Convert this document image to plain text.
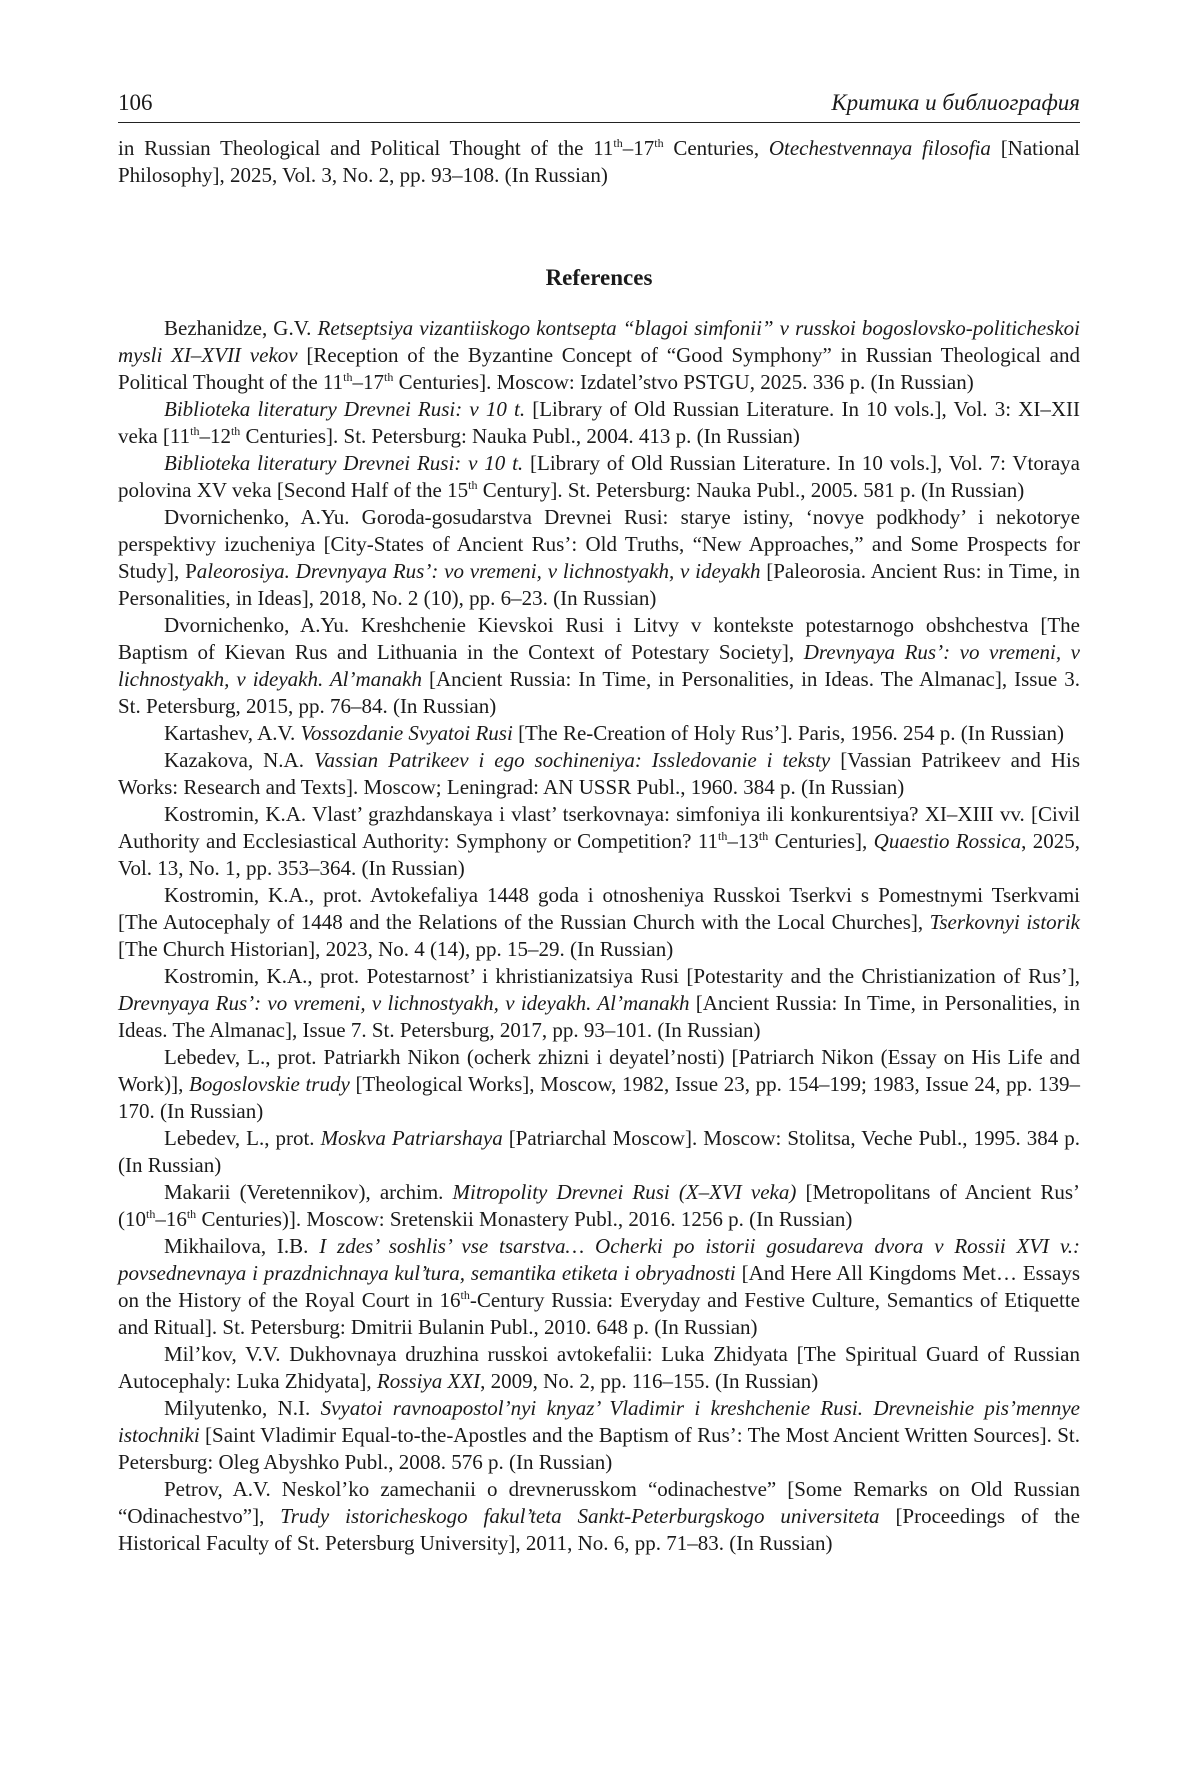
106	Критика и библиография

in Russian Theological and Political Thought of the 11th–17th Centuries, Otechestvennaya filosofia [National Philosophy], 2025, Vol. 3, No. 2, pp. 93–108. (In Russian)

References

Bezhanidze, G.V. Retseptsiya vizantiiskogo kontsepta “blagoi simfonii” v russkoi bogoslovsko-politicheskoi mysli XI–XVII vekov [Reception of the Byzantine Concept of “Good Symphony” in Russian Theological and Political Thought of the 11th–17th Centuries]. Moscow: Izdatel’stvo PSTGU, 2025. 336 p. (In Russian)

Biblioteka literatury Drevnei Rusi: v 10 t. [Library of Old Russian Literature. In 10 vols.], Vol. 3: XI–XII veka [11th–12th Centuries]. St. Petersburg: Nauka Publ., 2004. 413 p. (In Russian)

Biblioteka literatury Drevnei Rusi: v 10 t. [Library of Old Russian Literature. In 10 vols.], Vol. 7: Vtoraya polovina XV veka [Second Half of the 15th Century]. St. Petersburg: Nauka Publ., 2005. 581 p. (In Russian)

Dvornichenko, A.Yu. Goroda-gosudarstva Drevnei Rusi: starye istiny, ‘novye podkhody’ i nekotorye perspektivy izucheniya [City-States of Ancient Rus’: Old Truths, “New Approaches,” and Some Prospects for Study], Paleorosiya. Drevnyaya Rus’: vo vremeni, v lichnostyakh, v ideyakh [Paleorosia. Ancient Rus: in Time, in Personalities, in Ideas], 2018, No. 2 (10), pp. 6–23. (In Russian)

Dvornichenko, A.Yu. Kreshchenie Kievskoi Rusi i Litvy v kontekste potestarnogo obshchestva [The Baptism of Kievan Rus and Lithuania in the Context of Potestary Society], Drevnyaya Rus’: vo vremeni, v lichnostyakh, v ideyakh. Al’manakh [Ancient Russia: In Time, in Personalities, in Ideas. The Almanac], Issue 3. St. Petersburg, 2015, pp. 76–84. (In Russian)

Kartashev, A.V. Vossozdanie Svyatoi Rusi [The Re-Creation of Holy Rus’]. Paris, 1956. 254 p. (In Russian)

Kazakova, N.A. Vassian Patrikeev i ego sochineniya: Issledovanie i teksty [Vassian Patrikeev and His Works: Research and Texts]. Moscow; Leningrad: AN USSR Publ., 1960. 384 p. (In Russian)

Kostromin, K.A. Vlast’ grazhdanskaya i vlast’ tserkovnaya: simfoniya ili konkurentsiya? XI–XIII vv. [Civil Authority and Ecclesiastical Authority: Symphony or Competition? 11th–13th Centuries], Quaestio Rossica, 2025, Vol. 13, No. 1, pp. 353–364. (In Russian)

Kostromin, K.A., prot. Avtokefaliya 1448 goda i otnosheniya Russkoi Tserkvi s Pomestnymi Tserkvami [The Autocephaly of 1448 and the Relations of the Russian Church with the Local Churches], Tserkovnyi istorik [The Church Historian], 2023, No. 4 (14), pp. 15–29. (In Russian)

Kostromin, K.A., prot. Potestarnost’ i khristianizatsiya Rusi [Potestarity and the Christianization of Rus’], Drevnyaya Rus’: vo vremeni, v lichnostyakh, v ideyakh. Al’manakh [Ancient Russia: In Time, in Personalities, in Ideas. The Almanac], Issue 7. St. Petersburg, 2017, pp. 93–101. (In Russian)

Lebedev, L., prot. Patriarkh Nikon (ocherk zhizni i deyatel’nosti) [Patriarch Nikon (Essay on His Life and Work)], Bogoslovskie trudy [Theological Works], Moscow, 1982, Issue 23, pp. 154–199; 1983, Issue 24, pp. 139–170. (In Russian)

Lebedev, L., prot. Moskva Patriarshaya [Patriarchal Moscow]. Moscow: Stolitsa, Veche Publ., 1995. 384 p. (In Russian)

Makarii (Veretennikov), archim. Mitropolity Drevnei Rusi (X–XVI veka) [Metropolitans of Ancient Rus’ (10th–16th Centuries)]. Moscow: Sretenskii Monastery Publ., 2016. 1256 p. (In Russian)

Mikhailova, I.B. I zdes’ soshlis’ vse tsarstva… Ocherki po istorii gosudareva dvora v Rossii XVI v.: povsednevnaya i prazdnichnaya kul’tura, semantika etiketa i obryadnosti [And Here All Kingdoms Met… Essays on the History of the Royal Court in 16th-Century Russia: Everyday and Festive Culture, Semantics of Etiquette and Ritual]. St. Petersburg: Dmitrii Bulanin Publ., 2010. 648 p. (In Russian)

Mil’kov, V.V. Dukhovnaya druzhina russkoi avtokefalii: Luka Zhidyata [The Spiritual Guard of Russian Autocephaly: Luka Zhidyata], Rossiya XXI, 2009, No. 2, pp. 116–155. (In Russian)

Milyutenko, N.I. Svyatoi ravnoapostol’nyi knyaz’ Vladimir i kreshchenie Rusi. Drevneishie pis’mennye istochniki [Saint Vladimir Equal-to-the-Apostles and the Baptism of Rus’: The Most Ancient Written Sources]. St. Petersburg: Oleg Abyshko Publ., 2008. 576 p. (In Russian)

Petrov, A.V. Neskol’ko zamechanii o drevnerusskom “odinachestve” [Some Remarks on Old Russian “Odinachestvo”], Trudy istoricheskogo fakul’teta Sankt-Peterburgskogo universiteta [Proceedings of the Historical Faculty of St. Petersburg University], 2011, No. 6, pp. 71–83. (In Russian)
